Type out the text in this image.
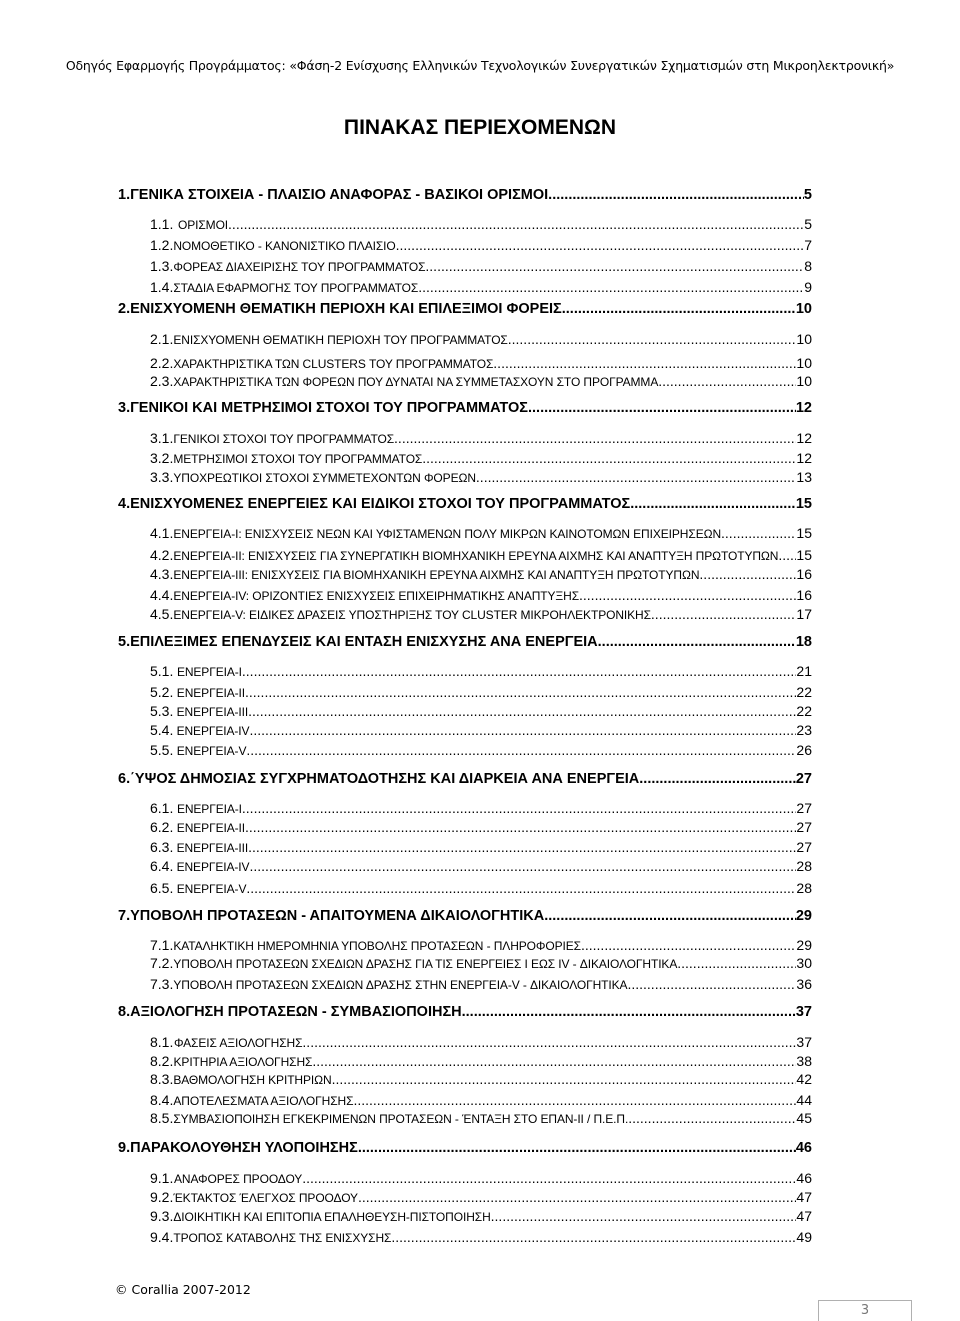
Οδηγός Εφαρμογής Προγράμματος: «Φάση-2 Ενίσχυσης Ελληνικών Τεχνολογικών Συνεργατικών Σχηματισμών στη Μικροηλεκτρονική»
ΠΙΝΑΚΑΣ ΠΕΡΙΕΧΟΜΕΝΩΝ
1. ΓΕΝΙΚΑ ΣΤΟΙΧΕΙΑ - ΠΛΑΙΣΙΟ ΑΝΑΦΟΡΑΣ - ΒΑΣΙΚΟΙ ΟΡΙΣΜΟΙ .....	5
1.1. ΟΡΙΣΜΟΙ .....	5
1.2. ΝΟΜΟΘΕΤΙΚΟ - ΚΑΝΟΝΙΣΤΙΚΟ ΠΛΑΙΣΙΟ .....	7
1.3. ΦΟΡΕΑΣ ΔΙΑΧΕΙΡΙΣΗΣ ΤΟΥ ΠΡΟΓΡΑΜΜΑΤΟΣ .....	8
1.4. ΣΤΑΔΙΑ ΕΦΑΡΜΟΓΗΣ ΤΟΥ ΠΡΟΓΡΑΜΜΑΤΟΣ .....	9
2. ΕΝΙΣΧΥΟΜΕΝΗ ΘΕΜΑΤΙΚΗ ΠΕΡΙΟΧΗ ΚΑΙ ΕΠΙΛΕΞΙΜΟΙ ΦΟΡΕΙΣ .....	10
2.1. ΕΝΙΣΧΥΟΜΕΝΗ ΘΕΜΑΤΙΚΗ ΠΕΡΙΟΧΗ ΤΟΥ ΠΡΟΓΡΑΜΜΑΤΟΣ .....	10
2.2. ΧΑΡΑΚΤΗΡΙΣΤΙΚΑ ΤΩΝ CLUSTERS ΤΟΥ ΠΡΟΓΡΑΜΜΑΤΟΣ .....	10
2.3. ΧΑΡΑΚΤΗΡΙΣΤΙΚΑ ΤΩΝ ΦΟΡΕΩΝ ΠΟΥ ΔΥΝΑΤΑΙ ΝΑ ΣΥΜΜΕΤΑΣΧΟΥΝ ΣΤΟ ΠΡΟΓΡΑΜΜΑ .....	10
3. ΓΕΝΙΚΟΙ ΚΑΙ ΜΕΤΡΗΣΙΜΟΙ ΣΤΟΧΟΙ ΤΟΥ ΠΡΟΓΡΑΜΜΑΤΟΣ .....	12
3.1. ΓΕΝΙΚΟΙ ΣΤΟΧΟΙ ΤΟΥ ΠΡΟΓΡΑΜΜΑΤΟΣ .....	12
3.2. ΜΕΤΡΗΣΙΜΟΙ ΣΤΟΧΟΙ ΤΟΥ ΠΡΟΓΡΑΜΜΑΤΟΣ .....	12
3.3. ΥΠΟΧΡΕΩΤΙΚΟΙ ΣΤΟΧΟΙ ΣΥΜΜΕΤΕΧΟΝΤΩΝ ΦΟΡΕΩΝ .....	13
4. ΕΝΙΣΧΥΟΜΕΝΕΣ ΕΝΕΡΓΕΙΕΣ ΚΑΙ ΕΙΔΙΚΟΙ ΣΤΟΧΟΙ ΤΟΥ ΠΡΟΓΡΑΜΜΑΤΟΣ .....	15
4.1. ΕΝΕΡΓΕΙΑ-I: ΕΝΙΣΧΥΣΕΙΣ ΝΕΩΝ ΚΑΙ ΥΦΙΣΤΑΜΕΝΩΝ ΠΟΛΥ ΜΙΚΡΩΝ ΚΑΙΝΟΤΟΜΩΝ ΕΠΙΧΕΙΡΗΣΕΩΝ .....	15
4.2. ΕΝΕΡΓΕΙΑ-II: ΕΝΙΣΧΥΣΕΙΣ ΓΙΑ ΣΥΝΕΡΓΑΤΙΚΗ ΒΙΟΜΗΧΑΝΙΚΗ ΕΡΕΥΝΑ ΑΙΧΜΗΣ ΚΑΙ ΑΝΑΠΤΥΞΗ ΠΡΩΤΟΤΥΠΩΝ ..... 15
4.3. ΕΝΕΡΓΕΙΑ-III: ΕΝΙΣΧΥΣΕΙΣ ΓΙΑ ΒΙΟΜΗΧΑΝΙΚΗ ΕΡΕΥΝΑ ΑΙΧΜΗΣ ΚΑΙ ΑΝΑΠΤΥΞΗ ΠΡΩΤΟΤΥΠΩΝ .....	16
4.4. ΕΝΕΡΓΕΙΑ-IV: ΟΡΙΖΟΝΤΙΕΣ ΕΝΙΣΧΥΣΕΙΣ ΕΠΙΧΕΙΡΗΜΑΤΙΚΗΣ ΑΝΑΠΤΥΞΗΣ .....	16
4.5. ΕΝΕΡΓΕΙΑ-V: ΕΙΔΙΚΕΣ ΔΡΑΣΕΙΣ ΥΠΟΣΤΗΡΙΞΗΣ ΤΟΥ CLUSTER ΜΙΚΡΟΗΛΕΚΤΡΟΝΙΚΗΣ .....	17
5. ΕΠΙΛΕΞΙΜΕΣ ΕΠΕΝΔΥΣΕΙΣ ΚΑΙ ΕΝΤΑΣΗ ΕΝΙΣΧΥΣΗΣ ΑΝΑ ΕΝΕΡΓΕΙΑ .....	18
5.1. ΕΝΕΡΓΕΙΑ-I .....	21
5.2. ΕΝΕΡΓΕΙΑ-II .....	22
5.3. ΕΝΕΡΓΕΙΑ-III .....	22
5.4. ΕΝΕΡΓΕΙΑ-IV .....	23
5.5. ΕΝΕΡΓΕΙΑ-V .....	26
6. ΄ΥΨΟΣ ΔΗΜΟΣΙΑΣ ΣΥΓΧΡΗΜΑΤΟΔΟΤΗΣΗΣ ΚΑΙ ΔΙΑΡΚΕΙΑ ΑΝΑ ΕΝΕΡΓΕΙΑ .....	27
6.1. ΕΝΕΡΓΕΙΑ-I .....	27
6.2. ΕΝΕΡΓΕΙΑ-II .....	27
6.3. ΕΝΕΡΓΕΙΑ-III .....	27
6.4. ΕΝΕΡΓΕΙΑ-IV .....	28
6.5. ΕΝΕΡΓΕΙΑ-V .....	28
7. ΥΠΟΒΟΛΗ ΠΡΟΤΑΣΕΩΝ - ΑΠΑΙΤΟΥΜΕΝΑ ΔΙΚΑΙΟΛΟΓΗΤΙΚΑ .....	29
7.1. ΚΑΤΑΛΗΚΤΙΚΗ ΗΜΕΡΟΜΗΝΙΑ ΥΠΟΒΟΛΗΣ ΠΡΟΤΑΣΕΩΝ - ΠΛΗΡΟΦΟΡΙΕΣ .....	29
7.2. ΥΠΟΒΟΛΗ ΠΡΟΤΑΣΕΩΝ ΣΧΕΔΙΩΝ ΔΡΑΣΗΣ ΓΙΑ ΤΙΣ ΕΝΕΡΓΕΙΕΣ I ΕΩΣ IV - ΔΙΚΑΙΟΛΟΓΗΤΙΚΑ .....	30
7.3. ΥΠΟΒΟΛΗ ΠΡΟΤΑΣΕΩΝ ΣΧΕΔΙΩΝ ΔΡΑΣΗΣ ΣΤΗΝ ΕΝΕΡΓΕΙΑ-V - ΔΙΚΑΙΟΛΟΓΗΤΙΚΑ .....	36
8. ΑΞΙΟΛΟΓΗΣΗ ΠΡΟΤΑΣΕΩΝ - ΣΥΜΒΑΣΙΟΠΟΙΗΣΗ .....	37
8.1. ΦΑΣΕΙΣ ΑΞΙΟΛΟΓΗΣΗΣ .....	37
8.2. ΚΡΙΤΗΡΙΑ ΑΞΙΟΛΟΓΗΣΗΣ .....	38
8.3. ΒΑΘΜΟΛΟΓΗΣΗ ΚΡΙΤΗΡΙΩΝ .....	42
8.4. ΑΠΟΤΕΛΕΣΜΑΤΑ ΑΞΙΟΛΟΓΗΣΗΣ .....	44
8.5. ΣΥΜΒΑΣΙΟΠΟΙΗΣΗ ΕΓΚΕΚΡΙΜΕΝΩΝ ΠΡΟΤΑΣΕΩΝ - ΈΝΤΑΞΗ ΣΤΟ ΕΠΑΝ-ΙΙ / Π.Ε.Π. .....	45
9. ΠΑΡΑΚΟΛΟΥΘΗΣΗ ΥΛΟΠΟΙΗΣΗΣ .....	46
9.1. ΑΝΑΦΟΡΕΣ ΠΡΟΟΔΟΥ .....	46
9.2. ΈΚΤΑΚΤΟΣ ΈΛΕΓΧΟΣ ΠΡΟΟΔΟΥ .....	47
9.3. ΔΙΟΙΚΗΤΙΚΗ ΚΑΙ ΕΠΙΤΟΠΙΑ ΕΠΑΛΗΘΕΥΣΗ-ΠΙΣΤΟΠΟΙΗΣΗ .....	47
9.4. ΤΡΟΠΟΣ ΚΑΤΑΒΟΛΗΣ ΤΗΣ ΕΝΙΣΧΥΣΗΣ .....	49
© Corallia 2007-2012
3
